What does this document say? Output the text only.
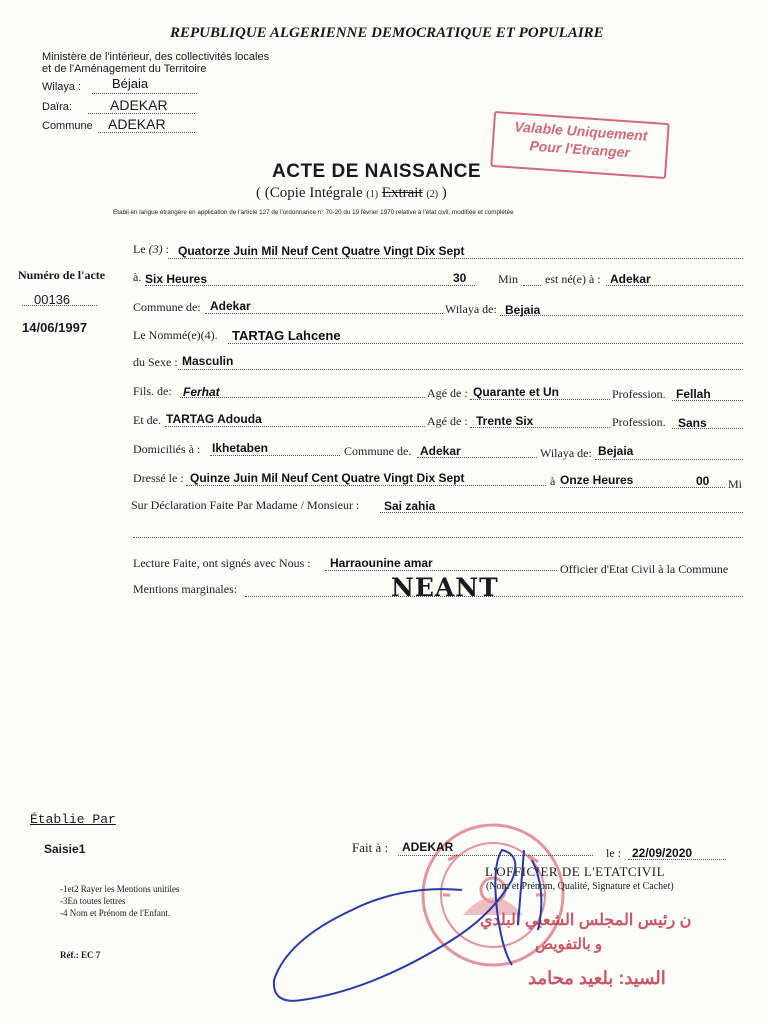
REPUBLIQUE ALGERIENNE DEMOCRATIQUE ET POPULAIRE
Ministère de l'intérieur, des collectivités locales
et de l'Aménagement du Territoire
Wilaya : Béjaia
Daïra:	ADEKAR
Commune ADEKAR	Valable Uniquement
Pour l'Etranger
ACTE DE NAISSANCE
( (Copie Intégrale (1) Extrait (2) )
Etabli en langue étrangère en application de l'article 127 de l'ordonnance n° 70-20 du 19 février 1970 relative à l'état civil, modifiée et complétée
Numéro de l'acte
00136
14/06/1997
Le (3) : Quatorze Juin Mil Neuf Cent Quatre Vingt Dix Sept
à. Six Heures	30	Min est né(e) à : Adekar
Commune de: Adekar	Wilaya de: Bejaia
Le Nommé(e)(4). TARTAG Lahcene
du Sexe : Masculin
Fils. de: Ferhat	Agé de : Quarante et Un	Profession. Fellah
Et de. TARTAG Adouda	Agé de : Trente Six	Profession. Sans
Domiciliés à : Ikhetaben	Commune de. Adekar	Wilaya de: Bejaia
Dressé le : Quinze Juin Mil Neuf Cent Quatre Vingt Dix Sept	à Onze Heures	00 Mi
Sur Déclaration Faite Par Madame / Monsieur : Sai zahia
Lecture Faite, ont signés avec Nous : Harraounine amar	Officier d'Etat Civil à la Commune
Mentions marginales:	NEANT
Établie Par
Saisie1
-1et2 Rayer les Mentions unitiles
-3En toutes lettres
-4 Nom et Prénom de l'Enfant.
Réf.: EC 7
Fait à : ADEKAR	le : 22/09/2020
L'OFFICIER DE L'ETATCIVIL
(Nom et Prénom, Qualité, Signature et Cachet)
ن رئيس المجلس الشعبي البلدي
و بالتفويض
السيد: بلعيد محامد
